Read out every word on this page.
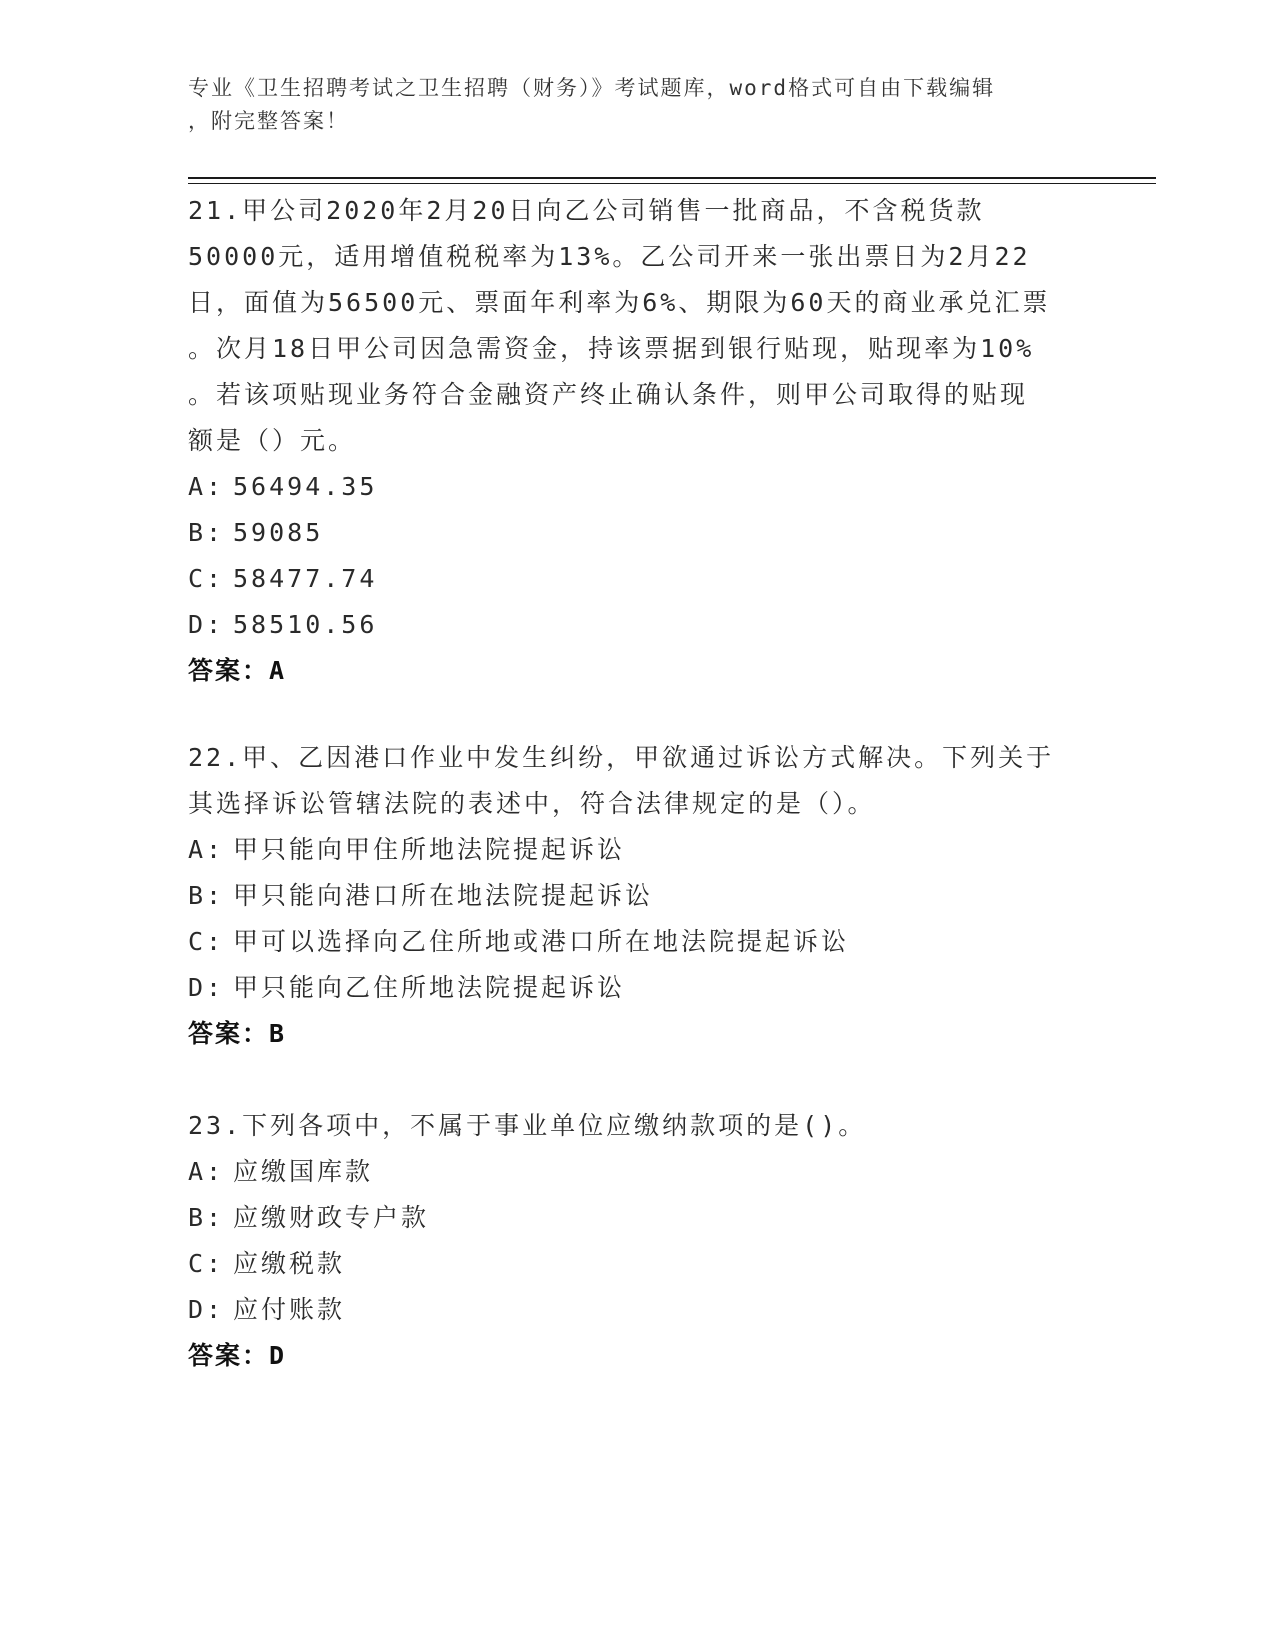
专业《卫生招聘考试之卫生招聘（财务）》考试题库，word格式可自由下载编辑
，附完整答案！

21.甲公司2020年2月20日向乙公司销售一批商品，不含税货款
50000元，适用增值税税率为13%。乙公司开来一张出票日为2月22
日，面值为56500元、票面年利率为6%、期限为60天的商业承兑汇票
。次月18日甲公司因急需资金，持该票据到银行贴现，贴现率为10%
。若该项贴现业务符合金融资产终止确认条件，则甲公司取得的贴现
额是（）元。

A: 56494.35
B: 59085
C: 58477.74
D: 58510.56
答案：A

22.甲、乙因港口作业中发生纠纷，甲欲通过诉讼方式解决。下列关于
其选择诉讼管辖法院的表述中，符合法律规定的是（）。

A: 甲只能向甲住所地法院提起诉讼
B: 甲只能向港口所在地法院提起诉讼
C: 甲可以选择向乙住所地或港口所在地法院提起诉讼
D: 甲只能向乙住所地法院提起诉讼
答案：B

23.下列各项中，不属于事业单位应缴纳款项的是()。

A: 应缴国库款
B: 应缴财政专户款
C: 应缴税款
D: 应付账款
答案：D
